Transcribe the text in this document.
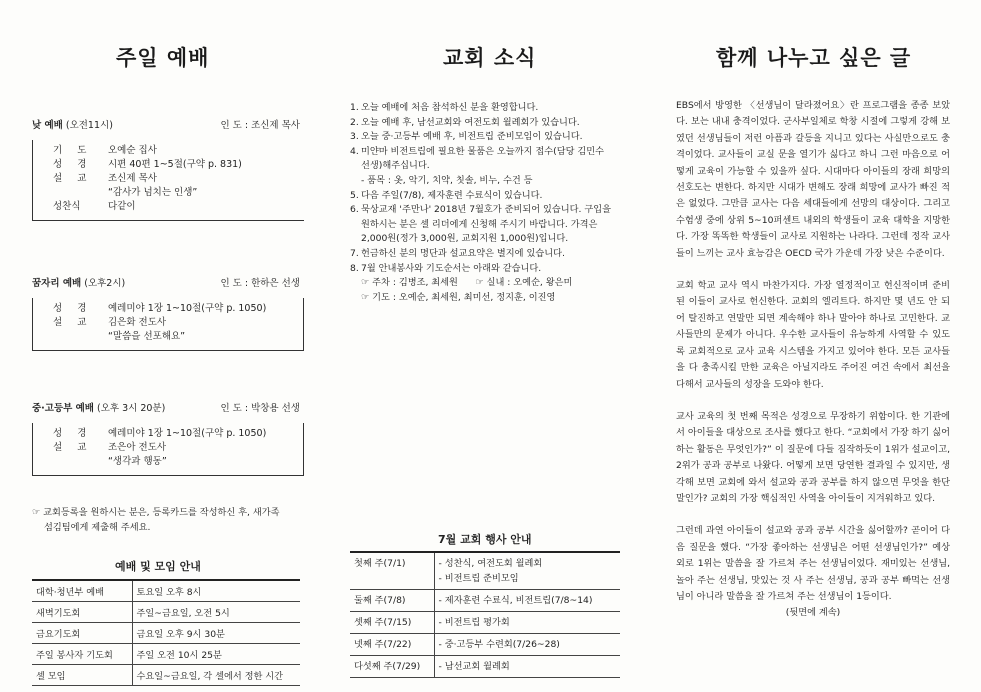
주일 예배	교회 소식	함께 나누고 싶은 글
낮 예배 (오전11시)	인 도 : 조신제 목사
기 도	오예순 집사
성 경	시편 40편 1~5절(구약 p. 831)
설 교	조신제 목사
“감사가 넘치는 인생”
성찬식	다같이
꿈자리 예배 (오후2시)	인 도 : 한하은 선생
성 경	예레미야 1장 1~10절(구약 p. 1050)
설 교	김은화 전도사
“말씀을 선포해요”
중·고등부 예배 (오후 3시 20분)	인 도 : 박창용 선생
성 경	예레미야 1장 1~10절(구약 p. 1050)
설 교	조은아 전도사
“생각과 행동”
☞ 교회등록을 원하시는 분은, 등록카드를 작성하신 후, 새가족
섬김팀에게 제출해 주세요.
예배 및 모임 안내
대학·청년부 예배	토요일 오후 8시
새벽기도회	주일~금요일, 오전 5시
금요기도회	금요일 오후 9시 30분
주일 봉사자 기도회	주일 오전 10시 25분
셀 모임	수요일~금요일, 각 셀에서 정한 시간
1. 오늘 예배에 처음 참석하신 분을 환영합니다.
2. 오늘 예배 후, 남선교회와 여전도회 월례회가 있습니다.
3. 오늘 중·고등부 예배 후, 비전트립 준비모임이 있습니다.
4. 미얀마 비전트립에 필요한 물품은 오늘까지 접수(담당 김민수
선생)해주십니다.
- 품목 : 옷, 악기, 치약, 칫솔, 비누, 수건 등
5. 다음 주일(7/8), 제자훈련 수료식이 있습니다.
6. 묵상교재 '주만나' 2018년 7월호가 준비되어 있습니다. 구입을
원하시는 분은 셀 리더에게 신청해 주시기 바랍니다. 가격은
2,000원(정가 3,000원, 교회지원 1,000원)입니다.
7. 헌금하신 분의 명단과 설교요약은 별지에 있습니다.
8. 7월 안내봉사와 기도순서는 아래와 같습니다.
☞ 주차 : 김병조, 최세원      ☞ 실내 : 오예순, 왕은미
☞ 기도 : 오예순, 최세원, 최미선, 정지훈, 이진영
7월 교회 행사 안내
첫째 주(7/1)	- 성찬식, 여전도회 월례회
- 비전트립 준비모임
둘째 주(7/8)	- 제자훈련 수료식, 비전트립(7/8~14)
셋째 주(7/15)	- 비전트립 평가회
넷째 주(7/22)	- 중·고등부 수련회(7/26~28)
다섯째 주(7/29)	- 남선교회 월례회

EBS에서 방영한 〈선생님이 달라졌어요〉란 프로그램을 종종 보았다. 보는 내내 충격이었다. 군사부일체로 학창 시절에 그렇게 강해 보였던 선생님들이 저런 아픔과 갈등을 지니고 있다는 사실만으로도 충격이었다. 교사들이 교실 문을 열기가 싫다고 하니 그런 마음으로 어떻게 교육이 가능할 수 있을까 싶다. 시대마다 아이들의 장래 희망의 선호도는 변한다. 하지만 시대가 변해도 장래 희망에 교사가 빠진 적은 없었다. 그만큼 교사는 다음 세대들에게 선망의 대상이다. 그리고 수험생 중에 상위 5~10퍼센트 내외의 학생들이 교육 대학을 지망한다. 가장 똑똑한 학생들이 교사로 지원하는 나라다. 그런데 정작 교사들이 느끼는 교사 효능감은 OECD 국가 가운데 가장 낮은 수준이다.

교회 학교 교사 역시 마찬가지다. 가장 열정적이고 헌신적이며 준비된 이들이 교사로 헌신한다. 교회의 엘리트다. 하지만 몇 년도 안 되어 탈진하고 연말만 되면 계속해야 하나 말아야 하나로 고민한다. 교사들만의 문제가 아니다. 우수한 교사들이 유능하게 사역할 수 있도록 교회적으로 교사 교육 시스템을 가지고 있어야 한다. 모든 교사들을 다 충족시킬 만한 교육은 아닐지라도 주어진 여건 속에서 최선을 다해서 교사들의 성장을 도와야 한다.

교사 교육의 첫 번째 목적은 성경으로 무장하기 위함이다. 한 기관에서 아이들을 대상으로 조사를 했다고 한다. “교회에서 가장 하기 싫어하는 활동은 무엇인가?” 이 질문에 다들 짐작하듯이 1위가 설교이고, 2위가 공과 공부로 나왔다. 어떻게 보면 당연한 결과일 수 있지만, 생각해 보면 교회에 와서 설교와 공과 공부를 하지 않으면 무엇을 한단 말인가? 교회의 가장 핵심적인 사역을 아이들이 지겨워하고 있다.

그런데 과연 아이들이 설교와 공과 공부 시간을 싫어할까? 곧이어 다음 질문을 했다. “가장 좋아하는 선생님은 어떤 선생님인가?” 예상 외로 1위는 말씀을 잘 가르쳐 주는 선생님이었다. 재미있는 선생님, 놀아 주는 선생님, 맛있는 것 사 주는 선생님, 공과 공부 빠먹는 선생님이 아니라 말씀을 잘 가르쳐 주는 선생님이 1등이다.

(뒷면에 계속)
